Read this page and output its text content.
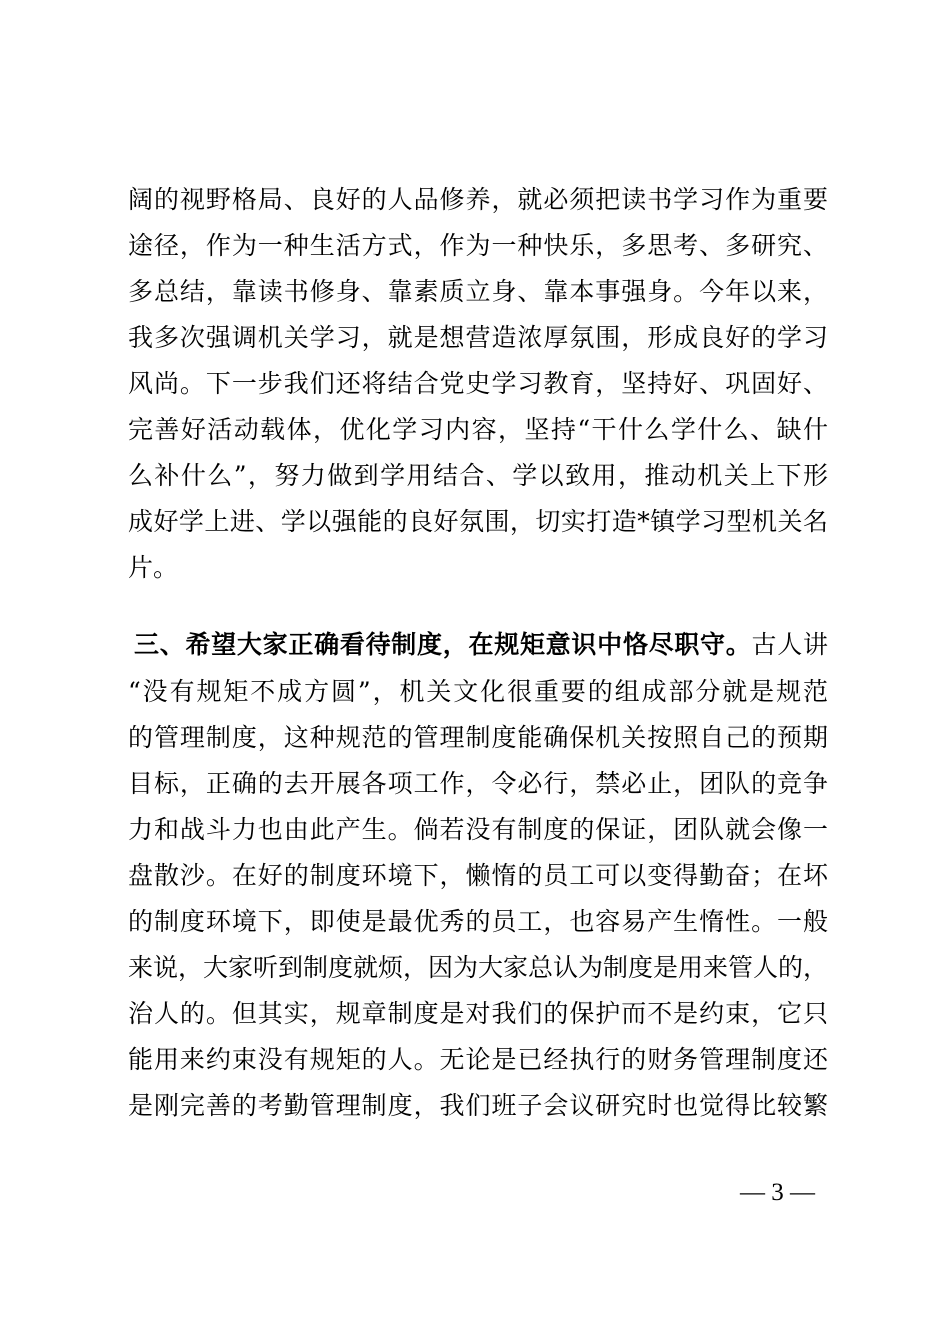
阔的视野格局、良好的人品修养，就必须把读书学习作为重要
途径，作为一种生活方式，作为一种快乐，多思考、多研究、
多总结，靠读书修身、靠素质立身、靠本事强身。今年以来，
我多次强调机关学习，就是想营造浓厚氛围，形成良好的学习
风尚。下一步我们还将结合党史学习教育，坚持好、巩固好、
完善好活动载体，优化学习内容，坚持“干什么学什么、缺什
么补什么”，努力做到学用结合、学以致用，推动机关上下形
成好学上进、学以强能的良好氛围，切实打造*镇学习型机关名
片。
三、希望大家正确看待制度，在规矩意识中恪尽职守。古人讲
“没有规矩不成方圆”，机关文化很重要的组成部分就是规范
的管理制度，这种规范的管理制度能确保机关按照自己的预期
目标，正确的去开展各项工作，令必行，禁必止，团队的竞争
力和战斗力也由此产生。倘若没有制度的保证，团队就会像一
盘散沙。在好的制度环境下，懒惰的员工可以变得勤奋；在坏
的制度环境下，即使是最优秀的员工，也容易产生惰性。一般
来说，大家听到制度就烦，因为大家总认为制度是用来管人的，
治人的。但其实，规章制度是对我们的保护而不是约束，它只
能用来约束没有规矩的人。无论是已经执行的财务管理制度还
是刚完善的考勤管理制度，我们班子会议研究时也觉得比较繁
— 3 —
